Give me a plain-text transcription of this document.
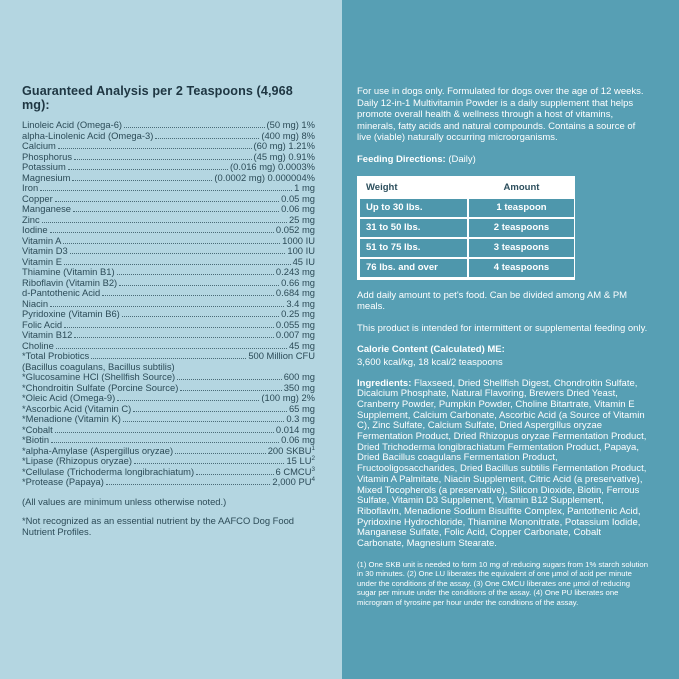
Guaranteed Analysis per 2 Teaspoons (4,968 mg):
Linoleic Acid (Omega-6)	(50 mg) 1%
alpha-Linolenic Acid (Omega-3)	(400 mg) 8%
Calcium	(60 mg) 1.21%
Phosphorus	(45 mg) 0.91%
Potassium	(0.016 mg) 0.0003%
Magnesium	(0.0002 mg) 0.000004%
Iron	1 mg
Copper	0.05 mg
Manganese	0.06 mg
Zinc	25 mg
Iodine	0.052 mg
Vitamin A	1000 IU
Vitamin D3	100 IU
Vitamin E	45 IU
Thiamine (Vitamin B1)	0.243 mg
Riboflavin (Vitamin B2)	0.66 mg
d-Pantothenic Acid	0.684 mg
Niacin	3.4 mg
Pyridoxine (Vitamin B6)	0.25 mg
Folic Acid	0.055 mg
Vitamin B12	0.007 mg
Choline	45 mg
*Total Probiotics	500 Million CFU
(Bacillus coagulans, Bacillus subtilis)
*Glucosamine HCl (Shellfish Source)	600 mg
*Chondroitin Sulfate (Porcine Source)	350 mg
*Oleic Acid (Omega-9)	(100 mg) 2%
*Ascorbic Acid (Vitamin C)	65 mg
*Menadione (Vitamin K)	0.3 mg
*Cobalt	0.014 mg
*Biotin	0.06 mg
*alpha-Amylase (Aspergillus oryzae)	200 SKBU$^1$
*Lipase (Rhizopus oryzae)	15 $LU^2$
*Cellulase (Trichoderma longibrachiatum)	6 CMCU$^3$
*Protease (Papaya)	2,000 $PU^4$

(All values are minimum unless otherwise noted.)

*Not recognized as an essential nutrient by the AAFCO Dog Food Nutrient Profiles.

For use in dogs only. Formulated for dogs over the age of 12 weeks. Daily 12-in-1 Multivitamin Powder is a daily supplement that helps promote overall health & wellness through a host of vitamins, minerals, fatty acids and natural compounds. Contains a source of live (viable) naturally occurring microorganisms.

Feeding Directions: (Daily)

Weight	Amount
Up to 30 lbs.	1 teaspoon
31 to 50 lbs.	2 teaspoons
51 to 75 lbs.	3 teaspoons
76 lbs. and over	4 teaspoons

Add daily amount to pet's food. Can be divided among AM & PM meals.

This product is intended for intermittent or supplemental feeding only.

Calorie Content (Calculated) ME:

3,600 kcal/kg, 18 kcal/2 teaspoons

Ingredients: Flaxseed, Dried Shellfish Digest, Chondroitin Sulfate, Dicalcium Phosphate, Natural Flavoring, Brewers Dried Yeast, Cranberry Powder, Pumpkin Powder, Choline Bitartrate, Vitamin E Supplement, Calcium Carbonate, Ascorbic Acid (a Source of Vitamin C), Zinc Sulfate, Calcium Sulfate, Dried Aspergillus oryzae Fermentation Product, Dried Rhizopus oryzae Fermentation Product, Dried Trichoderma longibrachiatum Fermentation Product, Papaya, Dried Bacillus coagulans Fermentation Product, Fructooligosaccharides, Dried Bacillus subtilis Fermentation Product, Vitamin A Palmitate, Niacin Supplement, Citric Acid (a preservative), Mixed Tocopherols (a preservative), Silicon Dioxide, Biotin, Ferrous Sulfate, Vitamin D3 Supplement, Vitamin B12 Supplement, Riboflavin, Menadione Sodium Bisulfite Complex, Pantothenic Acid, Pyridoxine Hydrochloride, Thiamine Mononitrate, Potassium Iodide, Manganese Sulfate, Folic Acid, Copper Carbonate, Cobalt Carbonate, Magnesium Stearate.

(1) One SKB unit is needed to form 10 mg of reducing sugars from 1% starch solution in 30 minutes. (2) One LU liberates the equivalent of one µmol of acid per minute under the conditions of the assay. (3) One CMCU liberates one µmol of reducing sugar per minute under the conditions of the assay. (4) One PU liberates one microgram of tyrosine per hour under the conditions of the assay.
